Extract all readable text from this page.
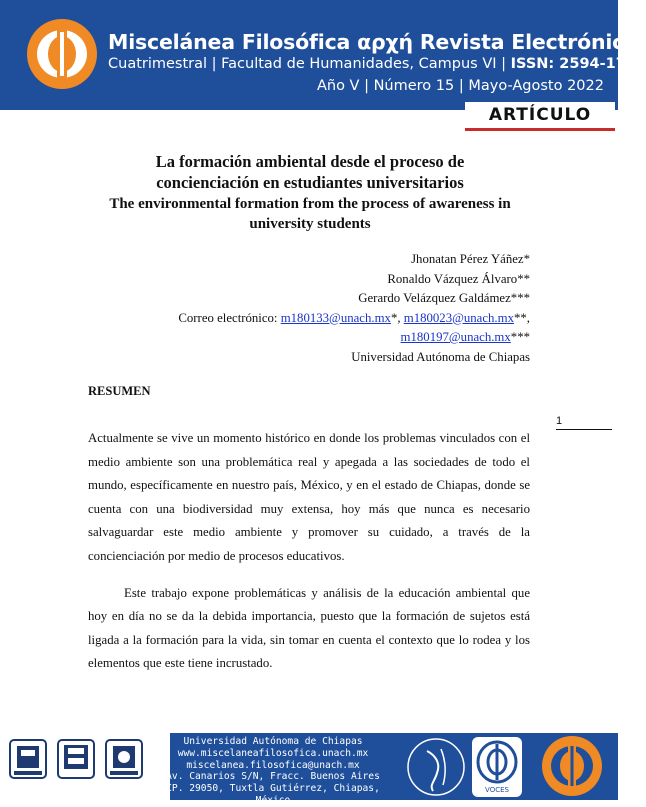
Miscelánea Filosófica αρχή Revista Electrónica
Cuatrimestral | Facultad de Humanidades, Campus VI | ISSN: 2594-1755
Año V | Número 15 | Mayo-Agosto 2022
ARTÍCULO
La formación ambiental desde el proceso de
concienciación en estudiantes universitarios
The environmental formation from the process of awareness in
university students
Jhonatan Pérez Yáñez*
Ronaldo Vázquez Álvaro**
Gerardo Velázquez Galdámez***
Correo electrónico: m180133@unach.mx*, m180023@unach.mx**,
m180197@unach.mx***
Universidad Autónoma de Chiapas
RESUMEN
1

Actualmente se vive un momento histórico en donde los problemas vinculados con el medio ambiente son una problemática real y apegada a las sociedades de todo el mundo, específicamente en nuestro país, México, y en el estado de Chiapas, donde se cuenta con una biodiversidad muy extensa, hoy más que nunca es necesario salvaguardar este medio ambiente y promover su cuidado, a través de la concienciación por medio de procesos educativos.

Este trabajo expone problemáticas y análisis de la educación ambiental que hoy en día no se da la debida importancia, puesto que la formación de sujetos está ligada a la formación para la vida, sin tomar en cuenta el contexto que lo rodea y los elementos que este tiene incrustado.

Universidad Autónoma de Chiapas
www.miscelaneafilosofica.unach.mx
miscelanea.filosofica@unach.mx
Av. Canarios S/N, Fracc. Buenos Aires
CP. 29050, Tuxtla Gutiérrez, Chiapas, México
VOCES
